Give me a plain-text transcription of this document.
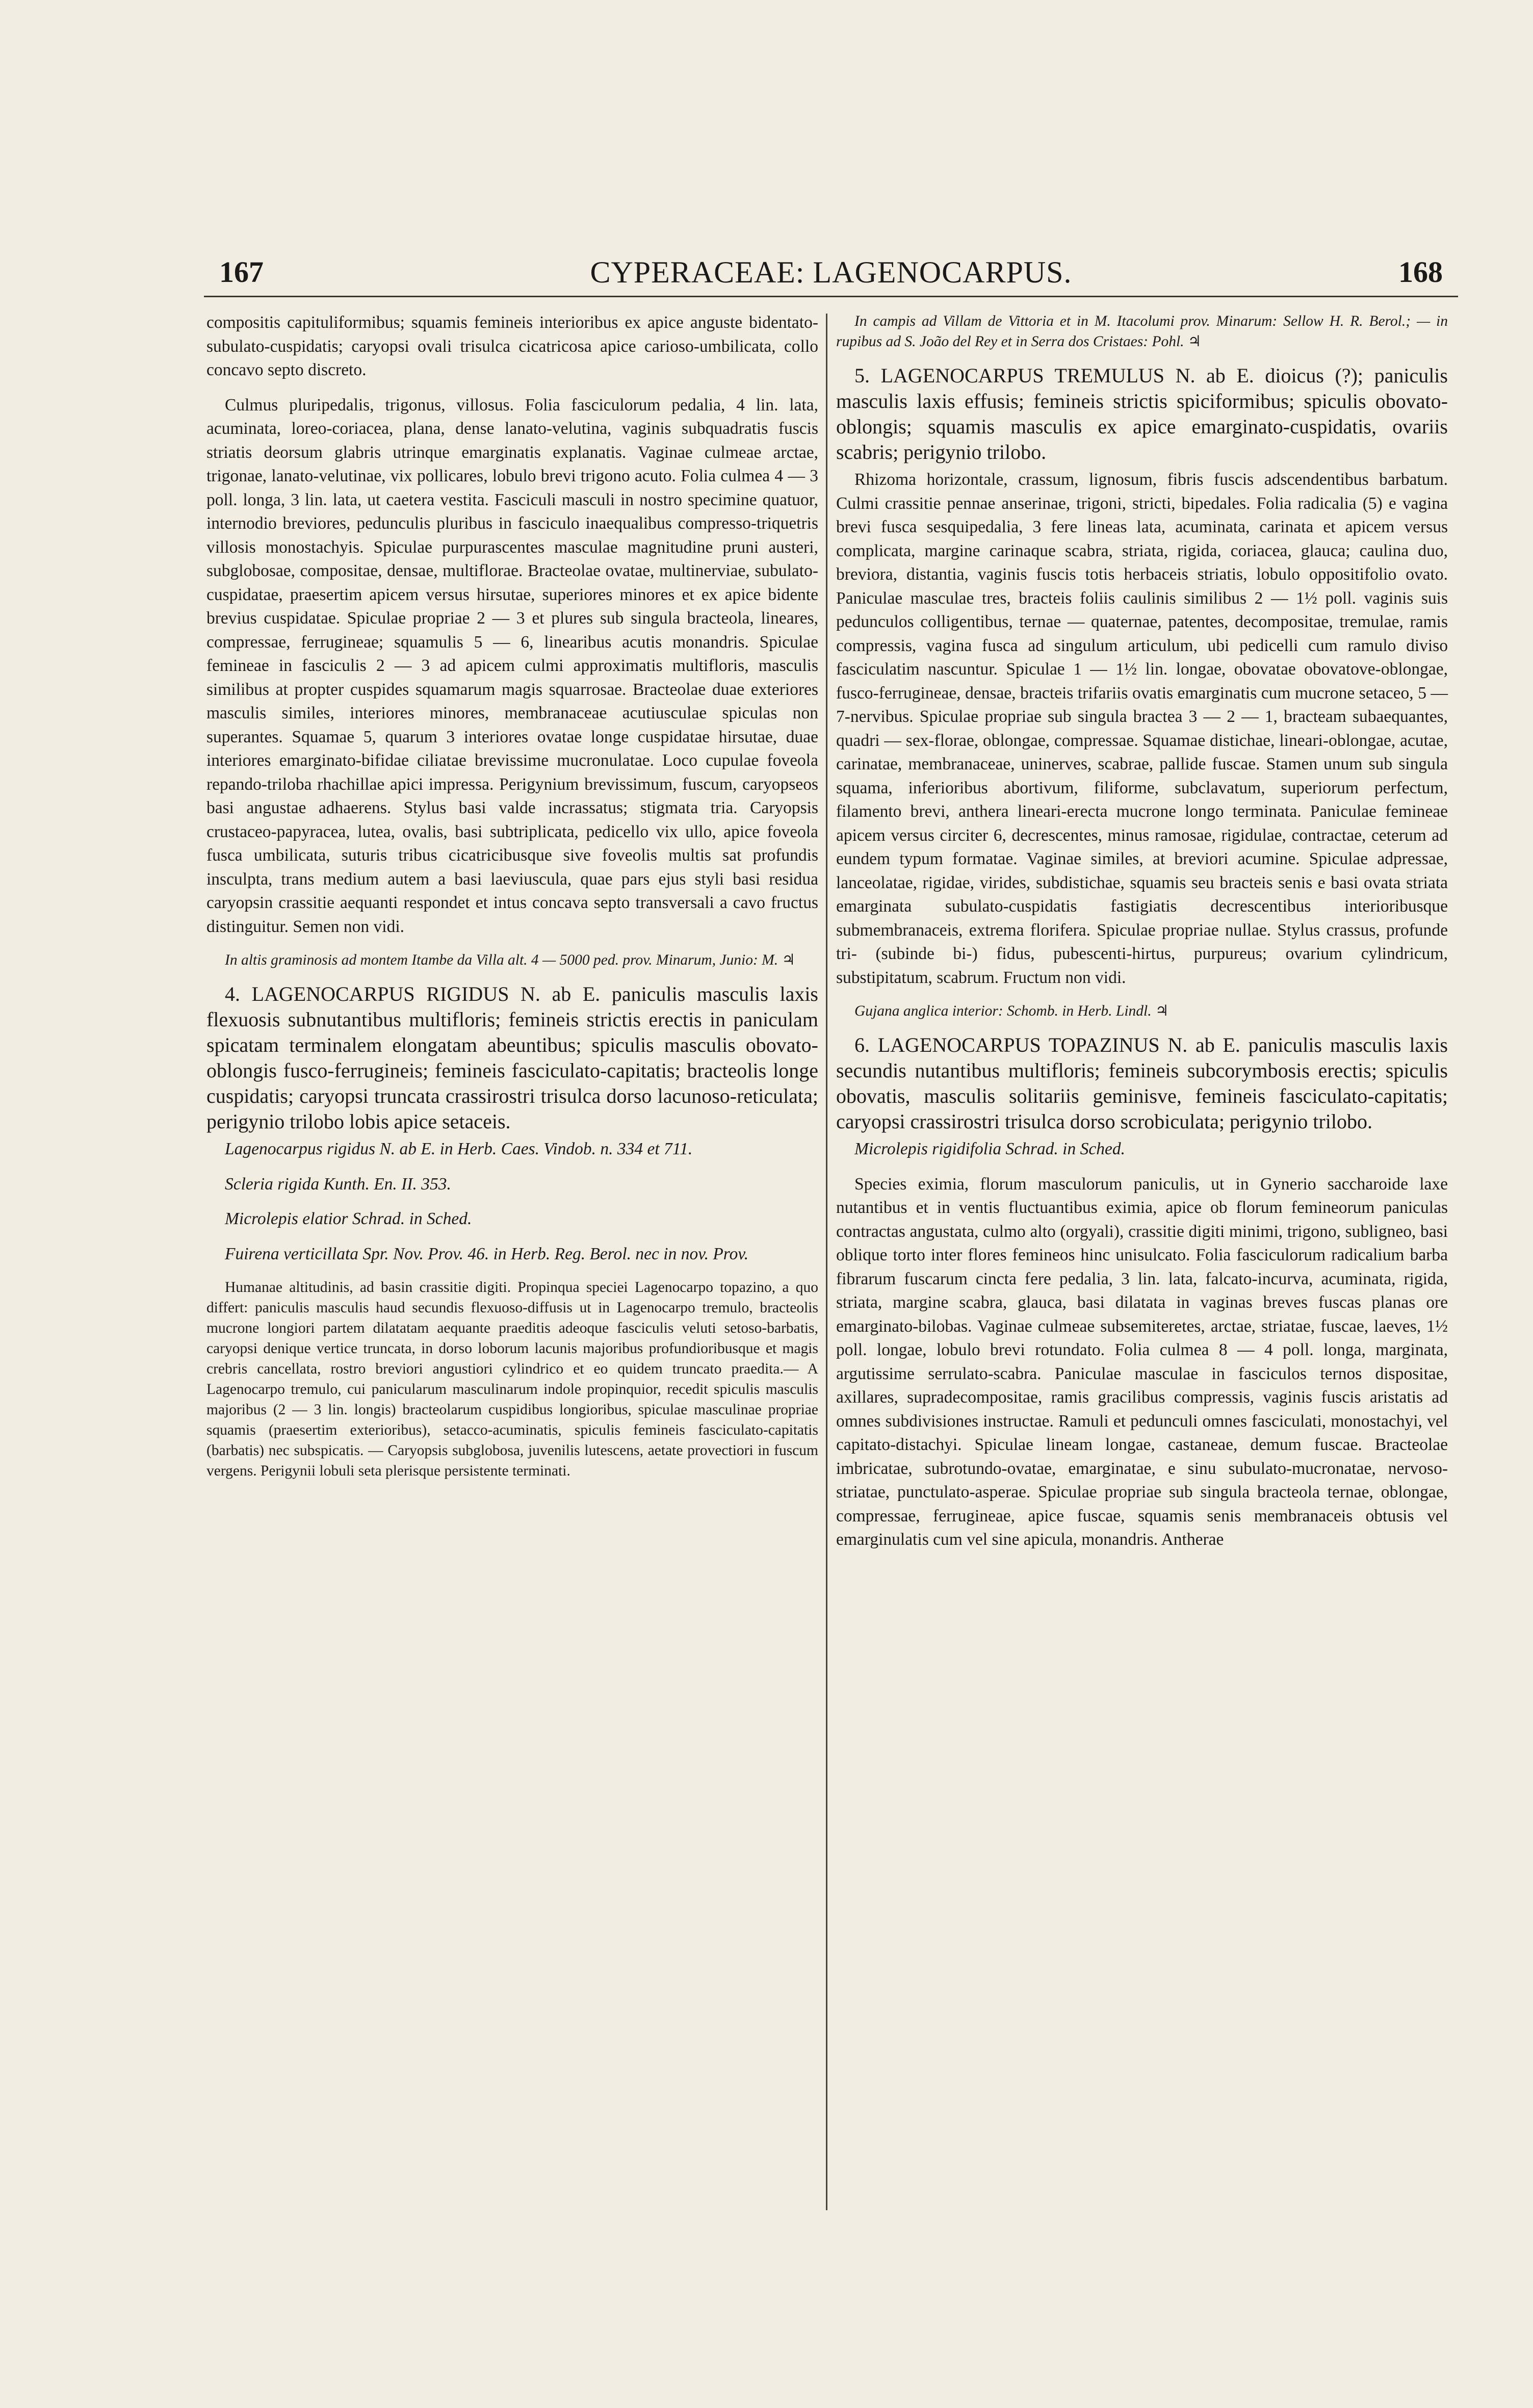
167	CYPERACEAE: LAGENOCARPUS.	168

compositis capituliformibus; squamis femineis interioribus ex apice anguste bidentato-subulato-cuspidatis; caryopsi ovali trisulca cicatricosa apice carioso-umbilicata, collo concavo septo discreto.

Culmus pluripedalis, trigonus, villosus. Folia fasciculorum pedalia, 4 lin. lata, acuminata, loreo-coriacea, plana, dense lanato-velutina, vaginis subquadratis fuscis striatis deorsum glabris utrinque emarginatis explanatis. Vaginae culmeae arctae, trigonae, lanato-velutinae, vix pollicares, lobulo brevi trigono acuto. Folia culmea 4 — 3 poll. longa, 3 lin. lata, ut caetera vestita. Fasciculi masculi in nostro specimine quatuor, internodio breviores, pedunculis pluribus in fasciculo inaequalibus compresso-triquetris villosis monostachyis. Spiculae purpurascentes masculae magnitudine pruni austeri, subglobosae, compositae, densae, multiflorae. Bracteolae ovatae, multinerviae, subulato-cuspidatae, praesertim apicem versus hirsutae, superiores minores et ex apice bidente brevius cuspidatae. Spiculae propriae 2 — 3 et plures sub singula bracteola, lineares, compressae, ferrugineae; squamulis 5 — 6, linearibus acutis monandris. Spiculae femineae in fasciculis 2 — 3 ad apicem culmi approximatis multifloris, masculis similibus at propter cuspides squamarum magis squarrosae. Bracteolae duae exteriores masculis similes, interiores minores, membranaceae acutiusculae spiculas non superantes. Squamae 5, quarum 3 interiores ovatae longe cuspidatae hirsutae, duae interiores emarginato-bifidae ciliatae brevissime mucronulatae. Loco cupulae foveola repando-triloba rhachillae apici impressa. Perigynium brevissimum, fuscum, caryopseos basi angustae adhaerens. Stylus basi valde incrassatus; stigmata tria. Caryopsis crustaceo-papyracea, lutea, ovalis, basi subtriplicata, pedicello vix ullo, apice foveola fusca umbilicata, suturis tribus cicatricibusque sive foveolis multis sat profundis insculpta, trans medium autem a basi laeviuscula, quae pars ejus styli basi residua caryopsin crassitie aequanti respondet et intus concava septo transversali a cavo fructus distinguitur. Semen non vidi.

In altis graminosis ad montem Itambe da Villa alt. 4 — 5000 ped. prov. Minarum, Junio: M. ♃

4. LAGENOCARPUS RIGIDUS N. ab E. paniculis masculis laxis flexuosis subnutantibus multifloris; femineis strictis erectis in paniculam spicatam terminalem elongatam abeuntibus; spiculis masculis obovato-oblongis fusco-ferrugineis; femineis fasciculato-capitatis; bracteolis longe cuspidatis; caryopsi truncata crassirostri trisulca dorso lacunoso-reticulata; perigynio trilobo lobis apice setaceis.

Lagenocarpus rigidus N. ab E. in Herb. Caes. Vindob. n. 334 et 711.

Scleria rigida Kunth. En. II. 353.

Microlepis elatior Schrad. in Sched.

Fuirena verticillata Spr. Nov. Prov. 46. in Herb. Reg. Berol. nec in nov. Prov.

Humanae altitudinis, ad basin crassitie digiti. Propinqua speciei Lagenocarpo topazino, a quo differt: paniculis masculis haud secundis flexuoso-diffusis ut in Lagenocarpo tremulo, bracteolis mucrone longiori partem dilatatam aequante praeditis adeoque fasciculis veluti setoso-barbatis, caryopsi denique vertice truncata, in dorso loborum lacunis majoribus profundioribusque et magis crebris cancellata, rostro breviori angustiori cylindrico et eo quidem truncato praedita.— A Lagenocarpo tremulo, cui panicularum masculinarum indole propinquior, recedit spiculis masculis majoribus (2 — 3 lin. longis) bracteolarum cuspidibus longioribus, spiculae masculinae propriae squamis (praesertim exterioribus), setacco-acuminatis, spiculis femineis fasciculato-capitatis (barbatis) nec subspicatis. — Caryopsis subglobosa, juvenilis lutescens, aetate provectiori in fuscum vergens. Perigynii lobuli seta plerisque persistente terminati.

In campis ad Villam de Vittoria et in M. Itacolumi prov. Minarum: Sellow H. R. Berol.; — in rupibus ad S. João del Rey et in Serra dos Cristaes: Pohl. ♃

5. LAGENOCARPUS TREMULUS N. ab E. dioicus (?); paniculis masculis laxis effusis; femineis strictis spiciformibus; spiculis obovato-oblongis; squamis masculis ex apice emarginato-cuspidatis, ovariis scabris; perigynio trilobo.

Rhizoma horizontale, crassum, lignosum, fibris fuscis adscendentibus barbatum. Culmi crassitie pennae anserinae, trigoni, stricti, bipedales. Folia radicalia (5) e vagina brevi fusca sesquipedalia, 3 fere lineas lata, acuminata, carinata et apicem versus complicata, margine carinaque scabra, striata, rigida, coriacea, glauca; caulina duo, breviora, distantia, vaginis fuscis totis herbaceis striatis, lobulo oppositifolio ovato. Paniculae masculae tres, bracteis foliis caulinis similibus 2 — 1½ poll. vaginis suis pedunculos colligentibus, ternae — quaternae, patentes, decompositae, tremulae, ramis compressis, vagina fusca ad singulum articulum, ubi pedicelli cum ramulo diviso fasciculatim nascuntur. Spiculae 1 — 1½ lin. longae, obovatae obovatove-oblongae, fusco-ferrugineae, densae, bracteis trifariis ovatis emarginatis cum mucrone setaceo, 5 — 7-nervibus. Spiculae propriae sub singula bractea 3 — 2 — 1, bracteam subaequantes, quadri — sex-florae, oblongae, compressae. Squamae distichae, lineari-oblongae, acutae, carinatae, membranaceae, uninerves, scabrae, pallide fuscae. Stamen unum sub singula squama, inferioribus abortivum, filiforme, subclavatum, superiorum perfectum, filamento brevi, anthera lineari-erecta mucrone longo terminata. Paniculae femineae apicem versus circiter 6, decrescentes, minus ramosae, rigidulae, contractae, ceterum ad eundem typum formatae. Vaginae similes, at breviori acumine. Spiculae adpressae, lanceolatae, rigidae, virides, subdistichae, squamis seu bracteis senis e basi ovata striata emarginata subulato-cuspidatis fastigiatis decrescentibus interioribusque submembranaceis, extrema florifera. Spiculae propriae nullae. Stylus crassus, profunde tri- (subinde bi-) fidus, pubescenti-hirtus, purpureus; ovarium cylindricum, substipitatum, scabrum. Fructum non vidi.

Gujana anglica interior: Schomb. in Herb. Lindl. ♃

6. LAGENOCARPUS TOPAZINUS N. ab E. paniculis masculis laxis secundis nutantibus multifloris; femineis subcorymbosis erectis; spiculis obovatis, masculis solitariis geminisve, femineis fasciculato-capitatis; caryopsi crassirostri trisulca dorso scrobiculata; perigynio trilobo.

Microlepis rigidifolia Schrad. in Sched.

Species eximia, florum masculorum paniculis, ut in Gynerio saccharoide laxe nutantibus et in ventis fluctuantibus eximia, apice ob florum femineorum paniculas contractas angustata, culmo alto (orgyali), crassitie digiti minimi, trigono, subligneo, basi oblique torto inter flores femineos hinc unisulcato. Folia fasciculorum radicalium barba fibrarum fuscarum cincta fere pedalia, 3 lin. lata, falcato-incurva, acuminata, rigida, striata, margine scabra, glauca, basi dilatata in vaginas breves fuscas planas ore emarginato-bilobas. Vaginae culmeae subsemiteretes, arctae, striatae, fuscae, laeves, 1½ poll. longae, lobulo brevi rotundato. Folia culmea 8 — 4 poll. longa, marginata, argutissime serrulato-scabra. Paniculae masculae in fasciculos ternos dispositae, axillares, supradecompositae, ramis gracilibus compressis, vaginis fuscis aristatis ad omnes subdivisiones instructae. Ramuli et pedunculi omnes fasciculati, monostachyi, vel capitato-distachyi. Spiculae lineam longae, castaneae, demum fuscae. Bracteolae imbricatae, subrotundo-ovatae, emarginatae, e sinu subulato-mucronatae, nervoso-striatae, punctulato-asperae. Spiculae propriae sub singula bracteola ternae, oblongae, compressae, ferrugineae, apice fuscae, squamis senis membranaceis obtusis vel emarginulatis cum vel sine apicula, monandris. Antherae
